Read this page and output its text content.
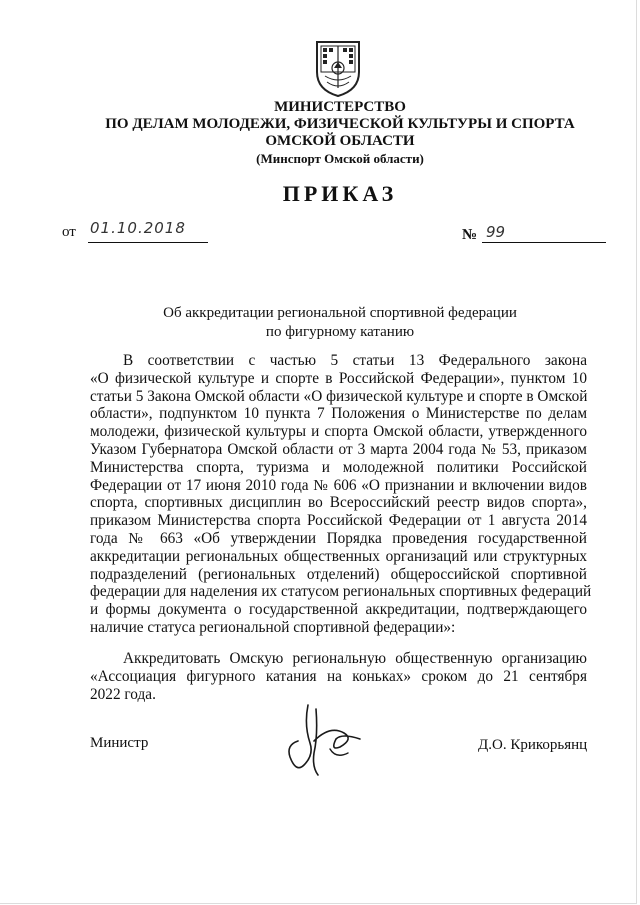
МИНИСТЕРСТВО
ПО ДЕЛАМ МОЛОДЕЖИ, ФИЗИЧЕСКОЙ КУЛЬТУРЫ И СПОРТА
ОМСКОЙ ОБЛАСТИ
(Минспорт Омской области)
ПРИКАЗ
от 01.10.2018	№ 99
Об аккредитации региональной спортивной федерации
по фигурному катанию
В соответствии с частью 5 статьи 13 Федерального закона
«О физической культуре и спорте в Российской Федерации», пунктом 10
статьи 5 Закона Омской области «О физической культуре и спорте в Омской
области», подпунктом 10 пункта 7 Положения о Министерстве по делам
молодежи, физической культуры и спорта Омской области, утвержденного
Указом Губернатора Омской области от 3 марта 2004 года № 53, приказом
Министерства спорта, туризма и молодежной политики Российской
Федерации от 17 июня 2010 года № 606 «О признании и включении видов
спорта, спортивных дисциплин во Всероссийский реестр видов спорта»,
приказом Министерства спорта Российской Федерации от 1 августа 2014
года № 663 «Об утверждении Порядка проведения государственной
аккредитации региональных общественных организаций или структурных
подразделений (региональных отделений) общероссийской спортивной
федерации для наделения их статусом региональных спортивных федераций
и формы документа о государственной аккредитации, подтверждающего
наличие статуса региональной спортивной федерации»:
Аккредитовать Омскую региональную общественную организацию
«Ассоциация фигурного катания на коньках» сроком до 21 сентября
2022 года.
Министр	Д.О. Крикорьянц
